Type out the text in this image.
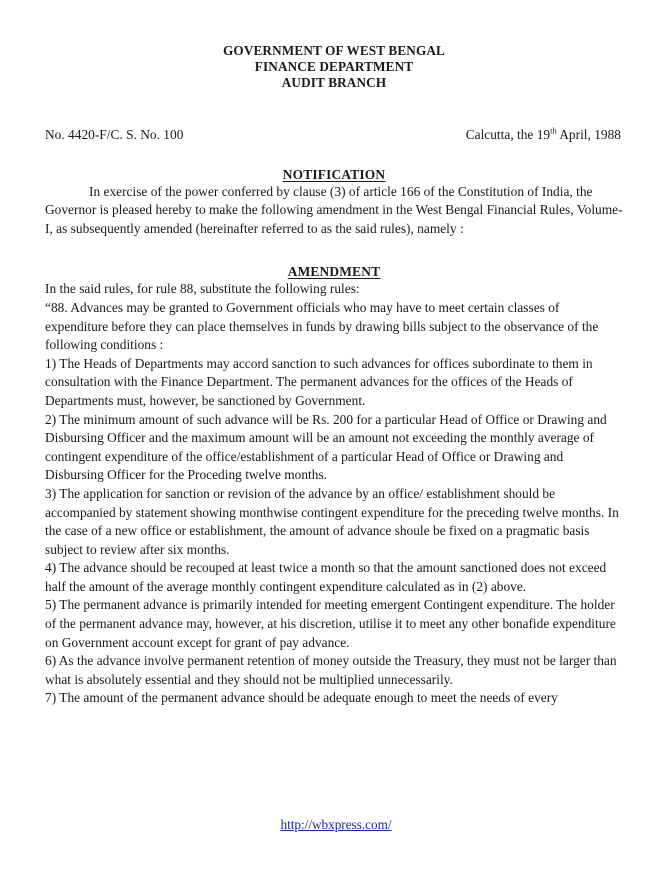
GOVERNMENT OF WEST BENGAL
FINANCE DEPARTMENT
AUDIT BRANCH
No. 4420-F/C. S. No. 100	Calcutta, the 19th April, 1988
NOTIFICATION

In exercise of the power conferred by clause (3) of article 166 of the Constitution of India, the Governor is pleased hereby to make the following amendment in the West Bengal Financial Rules, Volume-I, as subsequently amended (hereinafter referred to as the said rules), namely :

AMENDMENT

In the said rules, for rule 88, substitute the following rules:

“88. Advances may be granted to Government officials who may have to meet certain classes of expenditure before they can place themselves in funds by drawing bills subject to the observance of the following conditions :

1) The Heads of Departments may accord sanction to such advances for offices subordinate to them in consultation with the Finance Department. The permanent advances for the offices of the Heads of Departments must, however, be sanctioned by Government.

2) The minimum amount of such advance will be Rs. 200 for a particular Head of Office or Drawing and Disbursing Officer and the maximum amount will be an amount not exceeding the monthly average of contingent expenditure of the office/establishment of a particular Head of Office or Drawing and Disbursing Officer for the Proceding twelve months.

3) The application for sanction or revision of the advance by an office/ establishment should be accompanied by statement showing monthwise contingent expenditure for the preceding twelve months. In the case of a new office or establishment, the amount of advance shoule be fixed on a pragmatic basis subject to review after six months.

4) The advance should be recouped at least twice a month so that the amount sanctioned does not exceed half the amount of the average monthly contingent expenditure calculated as in (2) above.

5) The permanent advance is primarily intended for meeting emergent Contingent expenditure. The holder of the permanent advance may, however, at his discretion, utilise it to meet any other bonafide expenditure on Government account except for grant of pay advance.

6) As the advance involve permanent retention of money outside the Treasury, they must not be larger than what is absolutely essential and they should not be multiplied unnecessarily.

7) The amount of the permanent advance should be adequate enough to meet the needs of every

http://wbxpress.com/
